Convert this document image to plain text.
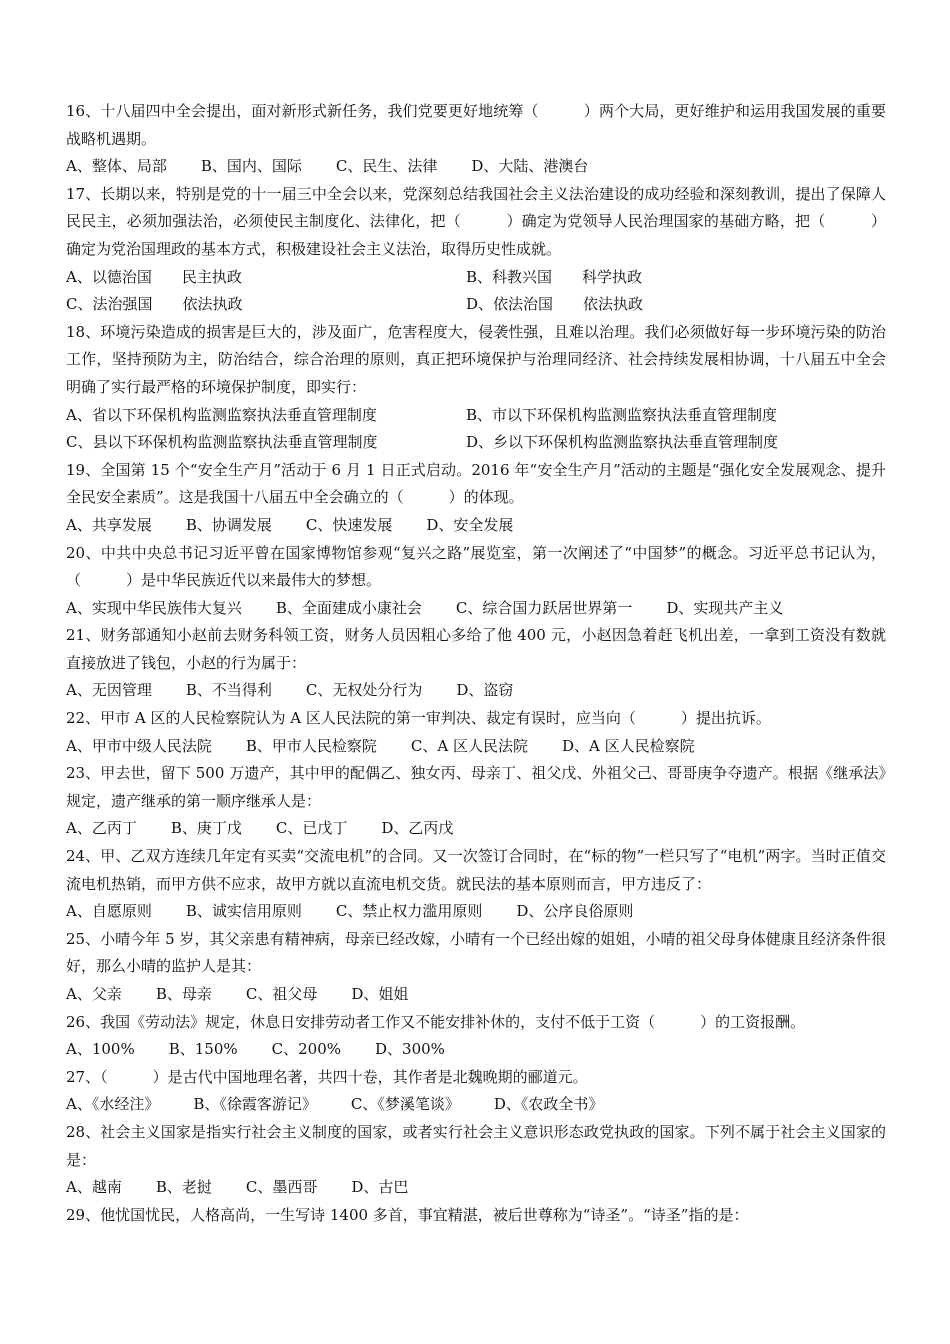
16、十八届四中全会提出，面对新形式新任务，我们党要更好地统筹（　　　）两个大局，更好维护和运用我国发展的重要战略机遇期。

A、整体、局部 B、国内、国际 C、民生、法律 D、大陆、港澳台

17、长期以来，特别是党的十一届三中全会以来，党深刻总结我国社会主义法治建设的成功经验和深刻教训，提出了保障人民民主，必须加强法治，必须使民主制度化、法律化，把（　　　）确定为党领导人民治理国家的基础方略，把（　　　）确定为党治国理政的基本方式，积极建设社会主义法治，取得历史性成就。

A、以德治国　　民主执政	B、科教兴国　　科学执政
C、法治强国　　依法执政	D、依法治国　　依法执政

18、环境污染造成的损害是巨大的，涉及面广，危害程度大，侵袭性强，且难以治理。我们必须做好每一步环境污染的防治工作，坚持预防为主，防治结合，综合治理的原则，真正把环境保护与治理同经济、社会持续发展相协调，十八届五中全会明确了实行最严格的环境保护制度，即实行：

A、省以下环保机构监测监察执法垂直管理制度	B、市以下环保机构监测监察执法垂直管理制度
C、县以下环保机构监测监察执法垂直管理制度	D、乡以下环保机构监测监察执法垂直管理制度

19、全国第 15 个“安全生产月”活动于 6 月 1 日正式启动。2016 年“安全生产月”活动的主题是“强化安全发展观念、提升全民安全素质”。这是我国十八届五中全会确立的（　　　）的体现。

A、共享发展 B、协调发展 C、快速发展 D、安全发展

20、中共中央总书记习近平曾在国家博物馆参观“复兴之路”展览室，第一次阐述了“中国梦”的概念。习近平总书记认为，（　　　）是中华民族近代以来最伟大的梦想。

A、实现中华民族伟大复兴 B、全面建成小康社会 C、综合国力跃居世界第一 D、实现共产主义

21、财务部通知小赵前去财务科领工资，财务人员因粗心多给了他 400 元，小赵因急着赶飞机出差，一拿到工资没有数就直接放进了钱包，小赵的行为属于：

A、无因管理 B、不当得利 C、无权处分行为 D、盗窃

22、甲市 A 区的人民检察院认为 A 区人民法院的第一审判决、裁定有误时，应当向（　　　）提出抗诉。

A、甲市中级人民法院 B、甲市人民检察院 C、A 区人民法院 D、A 区人民检察院

23、甲去世，留下 500 万遗产，其中甲的配偶乙、独女丙、母亲丁、祖父戊、外祖父己、哥哥庚争夺遗产。根据《继承法》规定，遗产继承的第一顺序继承人是：

A、乙丙丁 B、庚丁戊 C、已戊丁 D、乙丙戊

24、甲、乙双方连续几年定有买卖“交流电机”的合同。又一次签订合同时，在“标的物”一栏只写了“电机”两字。当时正值交流电机热销，而甲方供不应求，故甲方就以直流电机交货。就民法的基本原则而言，甲方违反了：

A、自愿原则 B、诚实信用原则 C、禁止权力滥用原则 D、公序良俗原则

25、小晴今年 5 岁，其父亲患有精神病，母亲已经改嫁，小晴有一个已经出嫁的姐姐，小晴的祖父母身体健康且经济条件很好，那么小晴的监护人是其：

A、父亲 B、母亲 C、祖父母 D、姐姐

26、我国《劳动法》规定，休息日安排劳动者工作又不能安排补休的，支付不低于工资（　　　）的工资报酬。

A、100% B、150% C、200% D、300%

27、（　　　）是古代中国地理名著，共四十卷，其作者是北魏晚期的郦道元。

A、《水经注》 B、《徐霞客游记》 C、《梦溪笔谈》 D、《农政全书》

28、社会主义国家是指实行社会主义制度的国家，或者实行社会主义意识形态政党执政的国家。下列不属于社会主义国家的是：

A、越南 B、老挝 C、墨西哥 D、古巴

29、他忧国忧民，人格高尚，一生写诗 1400 多首，事宜精湛，被后世尊称为“诗圣”。“诗圣”指的是：
